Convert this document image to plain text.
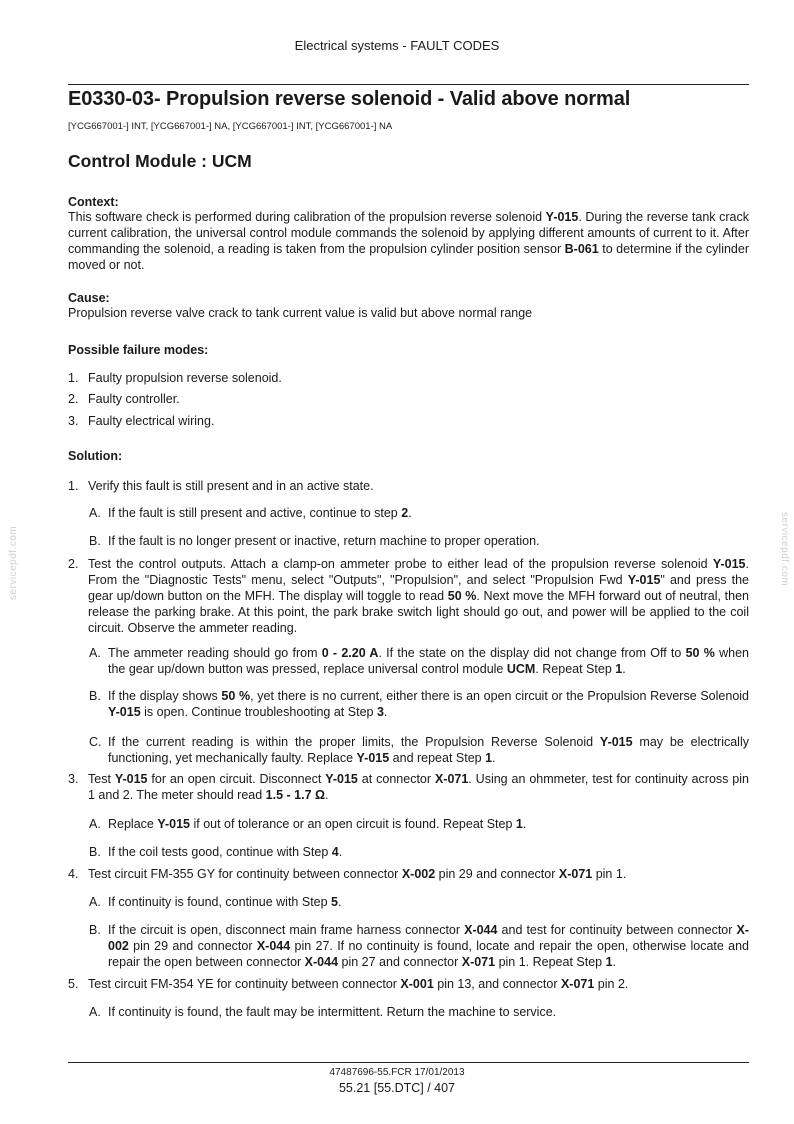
Electrical systems - FAULT CODES
E0330-03- Propulsion reverse solenoid - Valid above normal
[YCG667001-] INT, [YCG667001-] NA, [YCG667001-] INT, [YCG667001-] NA
Control Module : UCM
Context:
This software check is performed during calibration of the propulsion reverse solenoid Y-015. During the reverse tank crack current calibration, the universal control module commands the solenoid by applying different amounts of current to it. After commanding the solenoid, a reading is taken from the propulsion cylinder position sensor B-061 to determine if the cylinder moved or not.
Cause:
Propulsion reverse valve crack to tank current value is valid but above normal range
Possible failure modes:
1. Faulty propulsion reverse solenoid.
2. Faulty controller.
3. Faulty electrical wiring.
Solution:
1. Verify this fault is still present and in an active state.
A. If the fault is still present and active, continue to step 2.
B. If the fault is no longer present or inactive, return machine to proper operation.
2. Test the control outputs. Attach a clamp-on ammeter probe to either lead of the propulsion reverse solenoid Y-015. From the "Diagnostic Tests" menu, select "Outputs", "Propulsion", and select "Propulsion Fwd Y-015" and press the gear up/down button on the MFH. The display will toggle to read 50 %. Next move the MFH forward out of neutral, then release the parking brake. At this point, the park brake switch light should go out, and power will be applied to the coil circuit. Observe the ammeter reading.
A. The ammeter reading should go from 0 - 2.20 A. If the state on the display did not change from Off to 50 % when the gear up/down button was pressed, replace universal control module UCM. Repeat Step 1.
B. If the display shows 50 %, yet there is no current, either there is an open circuit or the Propulsion Reverse Solenoid Y-015 is open. Continue troubleshooting at Step 3.
C. If the current reading is within the proper limits, the Propulsion Reverse Solenoid Y-015 may be electrically functioning, yet mechanically faulty. Replace Y-015 and repeat Step 1.
3. Test Y-015 for an open circuit. Disconnect Y-015 at connector X-071. Using an ohmmeter, test for continuity across pin 1 and 2. The meter should read 1.5 - 1.7 Ω.
A. Replace Y-015 if out of tolerance or an open circuit is found. Repeat Step 1.
B. If the coil tests good, continue with Step 4.
4. Test circuit FM-355 GY for continuity between connector X-002 pin 29 and connector X-071 pin 1.
A. If continuity is found, continue with Step 5.
B. If the circuit is open, disconnect main frame harness connector X-044 and test for continuity between connector X-002 pin 29 and connector X-044 pin 27. If no continuity is found, locate and repair the open, otherwise locate and repair the open between connector X-044 pin 27 and connector X-071 pin 1. Repeat Step 1.
5. Test circuit FM-354 YE for continuity between connector X-001 pin 13, and connector X-071 pin 2.
A. If continuity is found, the fault may be intermittent. Return the machine to service.
47487696-55.FCR 17/01/2013
55.21 [55.DTC] / 407
servicepdf.com	servicepdf.com
